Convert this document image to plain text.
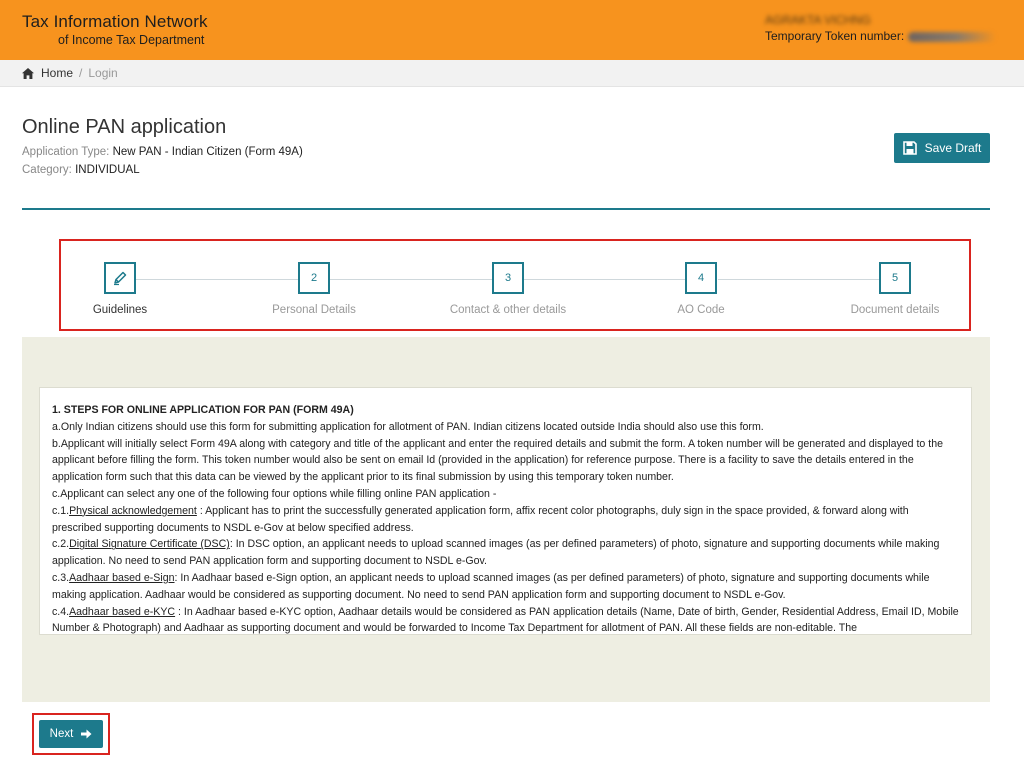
Tax Information Network
of Income Tax Department
AGRAKTA VICHNG
Temporary Token number:
Home / Login
Online PAN application
Application Type: New PAN - Indian Citizen (Form 49A)
Category: INDIVIDUAL
Save Draft
Guidelines
2
Personal Details
3
Contact & other details
4
AO Code
5
Document details

1. STEPS FOR ONLINE APPLICATION FOR PAN (FORM 49A)

a.Only Indian citizens should use this form for submitting application for allotment of PAN. Indian citizens located outside India should also use this form.

b.Applicant will initially select Form 49A along with category and title of the applicant and enter the required details and submit the form. A token number will be generated and displayed to the applicant before filling the form. This token number would also be sent on email Id (provided in the application) for reference purpose. There is a facility to save the details entered in the application form such that this data can be viewed by the applicant prior to its final submission by using this temporary token number.

c.Applicant can select any one of the following four options while filling online PAN application -

c.1.Physical acknowledgement : Applicant has to print the successfully generated application form, affix recent color photographs, duly sign in the space provided, & forward along with prescribed supporting documents to NSDL e-Gov at below specified address.

c.2.Digital Signature Certificate (DSC): In DSC option, an applicant needs to upload scanned images (as per defined parameters) of photo, signature and supporting documents while making application. No need to send PAN application form and supporting document to NSDL e-Gov.

c.3.Aadhaar based e-Sign: In Aadhaar based e-Sign option, an applicant needs to upload scanned images (as per defined parameters) of photo, signature and supporting documents while making application. Aadhaar would be considered as supporting document. No need to send PAN application form and supporting document to NSDL e-Gov.

c.4.Aadhaar based e-KYC : In Aadhaar based e-KYC option, Aadhaar details would be considered as PAN application details (Name, Date of birth, Gender, Residential Address, Email ID, Mobile Number & Photograph) and Aadhaar as supporting document and would be forwarded to Income Tax Department for allotment of PAN. All these fields are non-editable. The

Next
